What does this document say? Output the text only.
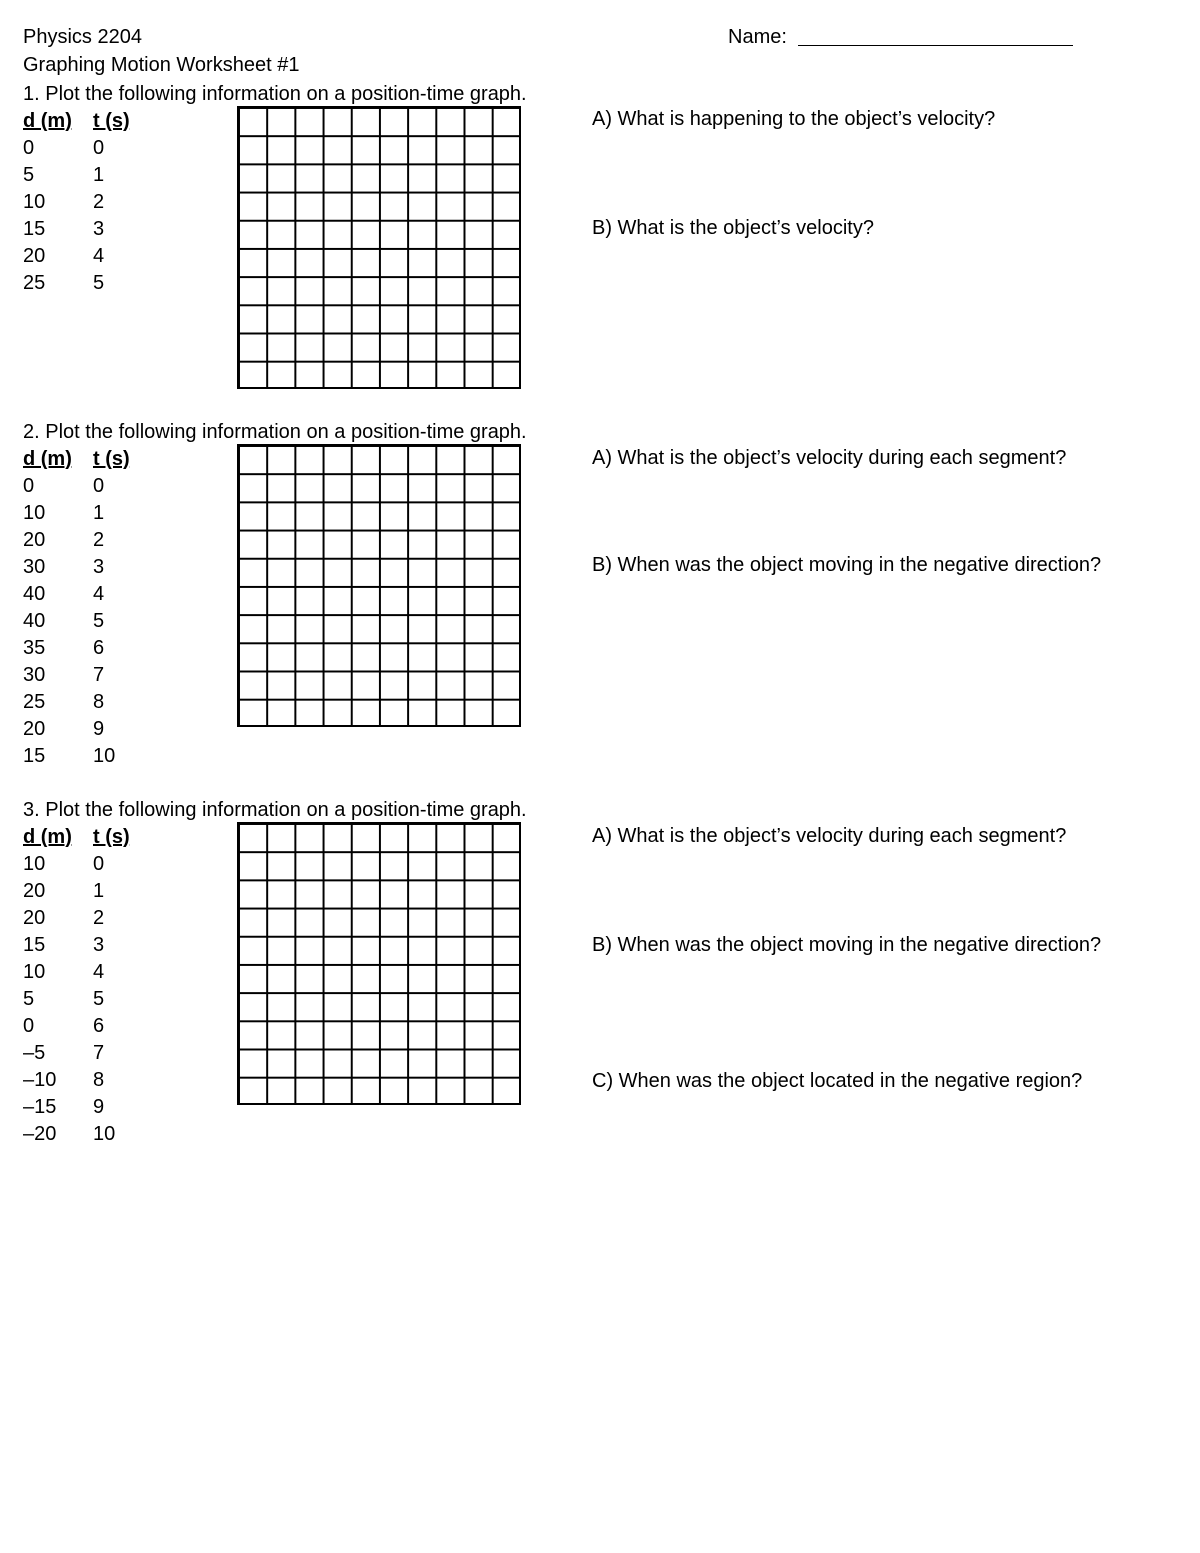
Physics 2204
Graphing Motion Worksheet #1
Name:
1. Plot the following information on a position-time graph.
d (m) t (s)
0	0
5	1
10 2
15 3
20 4
25 5
A) What is happening to the object’s velocity?
B) What is the object’s velocity?
2. Plot the following information on a position-time graph.
d (m) t (s)
0	0
10 1
20 2
30 3
40 4
40 5
35 6
30 7
25 8
20 9
15 10
A) What is the object’s velocity during each segment?
B) When was the object moving in the negative direction?
3. Plot the following information on a position-time graph.
d (m) t (s)
10 0
20 1
20 2
15 3
10 4
5	5
0	6
–5 7
–10 8
–15 9
–20 10
A) What is the object’s velocity during each segment?
B) When was the object moving in the negative direction?
C) When was the object located in the negative region?
